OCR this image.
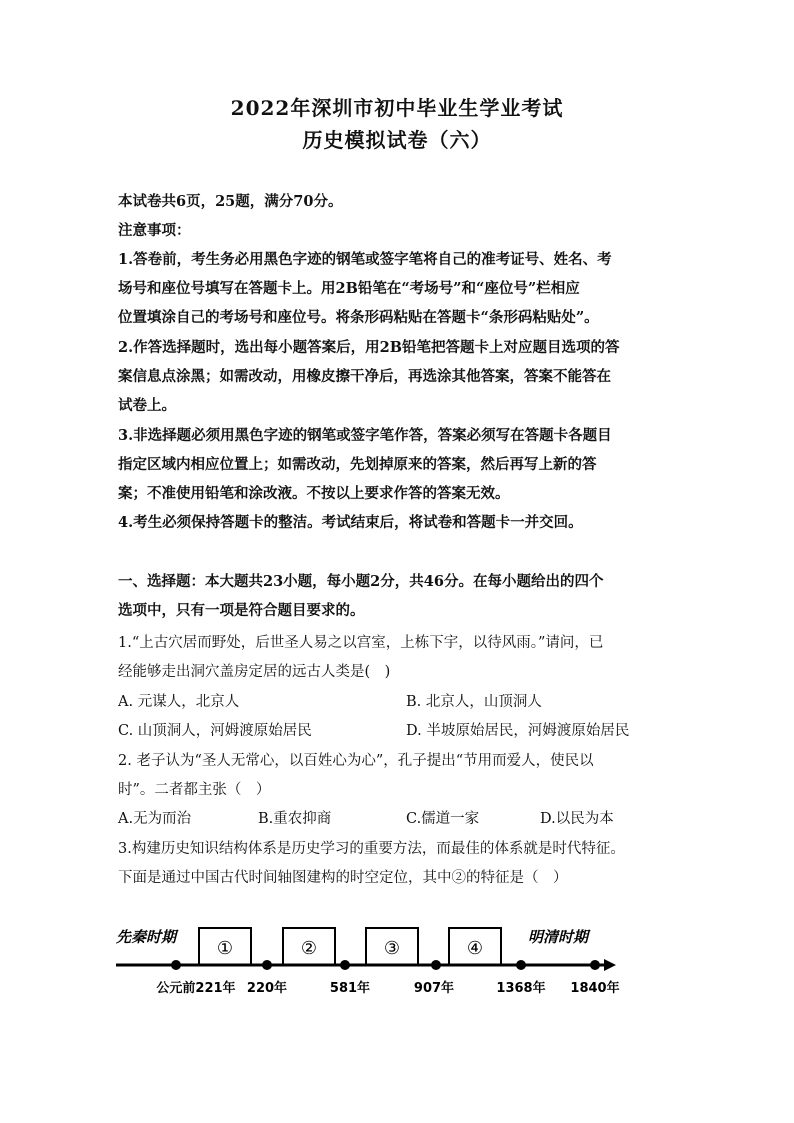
2022年深圳市初中毕业生学业考试
历史模拟试卷（六）
本试卷共6页，25题，满分70分。
注意事项：
1.答卷前，考生务必用黑色字迹的钢笔或签字笔将自己的准考证号、姓名、考
场号和座位号填写在答题卡上。用2B铅笔在“考场号”和“座位号”栏相应
位置填涂自己的考场号和座位号。将条形码粘贴在答题卡“条形码粘贴处”。
2.作答选择题时，选出每小题答案后，用2B铅笔把答题卡上对应题目选项的答
案信息点涂黑；如需改动，用橡皮擦干净后，再选涂其他答案，答案不能答在
试卷上。
3.非选择题必须用黑色字迹的钢笔或签字笔作答，答案必须写在答题卡各题目
指定区域内相应位置上；如需改动，先划掉原来的答案，然后再写上新的答
案；不准使用铅笔和涂改液。不按以上要求作答的答案无效。
4.考生必须保持答题卡的整洁。考试结束后，将试卷和答题卡一并交回。
一、选择题：本大题共23小题，每小题2分，共46分。在每小题给出的四个
选项中，只有一项是符合题目要求的。
1.“上古穴居而野处，后世圣人易之以宫室，上栋下宇，以待风雨。”请问，已
经能够走出洞穴盖房定居的远古人类是(　)
A. 元谋人，北京人	B. 北京人，山顶洞人
C. 山顶洞人，河姆渡原始居民	D. 半坡原始居民，河姆渡原始居民
2. 老子认为“圣人无常心，以百姓心为心”，孔子提出“节用而爱人，使民以
时”。二者都主张（　）
A.无为而治	B.重农抑商	C.儒道一家	D.以民为本
3.构建历史知识结构体系是历史学习的重要方法，而最佳的体系就是时代特征。
下面是通过中国古代时间轴图建构的时空定位，其中②的特征是（　）
先秦时期	明清时期
①	②	③	④
公元前221年 220年	581年	907年	1368年 1840年
